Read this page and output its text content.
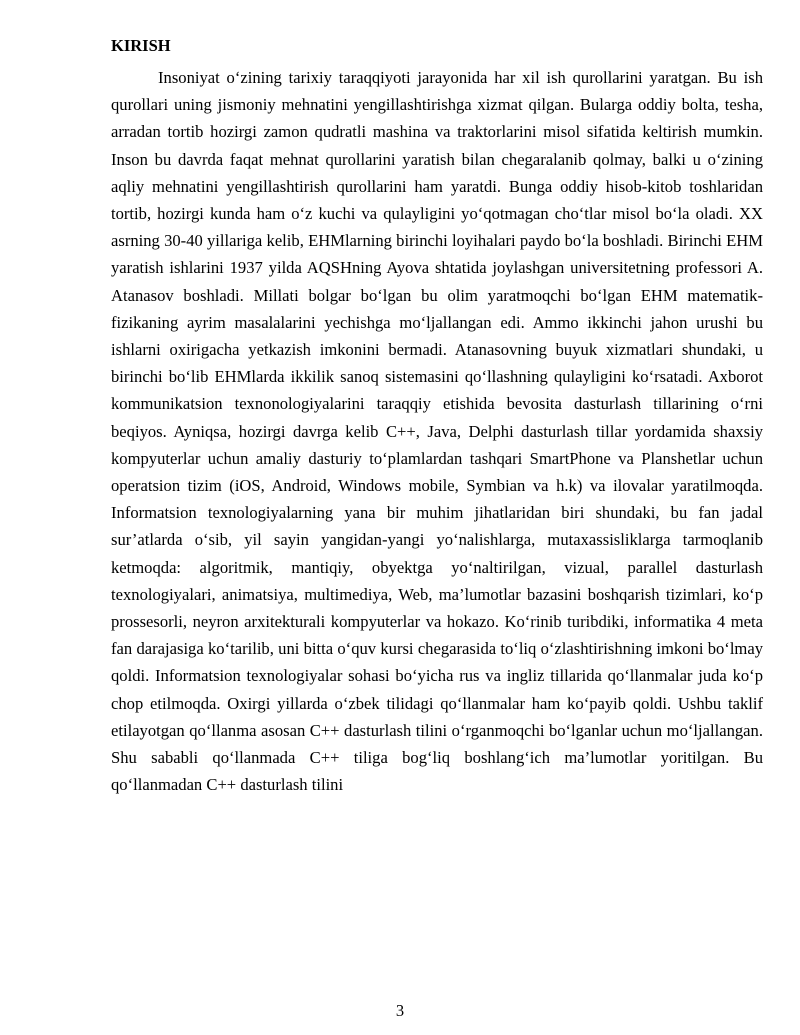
KIRISH

Insoniyat o‘zining tarixiy taraqqiyoti jarayonida har xil ish qurollarini yaratgan. Bu ish qurollari uning jismoniy mehnatini yengillashtirishga xizmat qilgan. Bularga oddiy bolta, tesha, arradan tortib hozirgi zamon qudratli mashina va traktorlarini misol sifatida keltirish mumkin. Inson bu davrda faqat mehnat qurollarini yaratish bilan chegaralanib qolmay, balki u o‘zining aqliy mehnatini yengillashtirish qurollarini ham yaratdi. Bunga oddiy hisob-kitob toshlaridan tortib, hozirgi kunda ham o‘z kuchi va qulayligini yo‘qotmagan cho‘tlar misol bo‘la oladi. XX asrning 30-40 yillariga kelib, EHMlarning birinchi loyihalari paydo bo‘la boshladi. Birinchi EHM yaratish ishlarini 1937 yilda AQSHning Ayova shtatida joylashgan universitetning professori A. Atanasov boshladi. Millati bolgar bo‘lgan bu olim yaratmoqchi bo‘lgan EHM matematik-fizikaning ayrim masalalarini yechishga mo‘ljallangan edi. Ammo ikkinchi jahon urushi bu ishlarni oxirigacha yetkazish imkonini bermadi. Atanasovning buyuk xizmatlari shundaki, u birinchi bo‘lib EHMlarda ikkilik sanoq sistemasini qo‘llashning qulayligini ko‘rsatadi. Axborot kommunikatsion texnonologiyalarini taraqqiy etishida bevosita dasturlash tillarining o‘rni beqiyos. Ayniqsa, hozirgi davrga kelib C++, Java, Delphi dasturlash tillar yordamida shaxsiy kompyuterlar uchun amaliy dasturiy to‘plamlardan tashqari SmartPhone va Planshetlar uchun operatsion tizim (iOS, Android, Windows mobile, Symbian va h.k) va ilovalar yaratilmoqda. Informatsion texnologiyalarning yana bir muhim jihatlaridan biri shundaki, bu fan jadal sur’atlarda o‘sib, yil sayin yangidan-yangi yo‘nalishlarga, mutaxassisliklarga tarmoqlanib ketmoqda: algoritmik, mantiqiy, obyektga yo‘naltirilgan, vizual, parallel dasturlash texnologiyalari, animatsiya, multimediya, Web, ma’lumotlar bazasini boshqarish tizimlari, ko‘p prossesorli, neyron arxitekturali kompyuterlar va hokazo. Ko‘rinib turibdiki, informatika 4 meta fan darajasiga ko‘tarilib, uni bitta o‘quv kursi chegarasida to‘liq o‘zlashtirishning imkoni bo‘lmay qoldi. Informatsion texnologiyalar sohasi bo‘yicha rus va ingliz tillarida qo‘llanmalar juda ko‘p chop etilmoqda. Oxirgi yillarda o‘zbek tilidagi qo‘llanmalar ham ko‘payib qoldi. Ushbu taklif etilayotgan qo‘llanma asosan C++ dasturlash tilini o‘rganmoqchi bo‘lganlar uchun mo‘ljallangan. Shu sababli qo‘llanmada C++ tiliga bog‘liq boshlang‘ich ma’lumotlar yoritilgan. Bu qo‘llanmadan C++ dasturlash tilini

3
